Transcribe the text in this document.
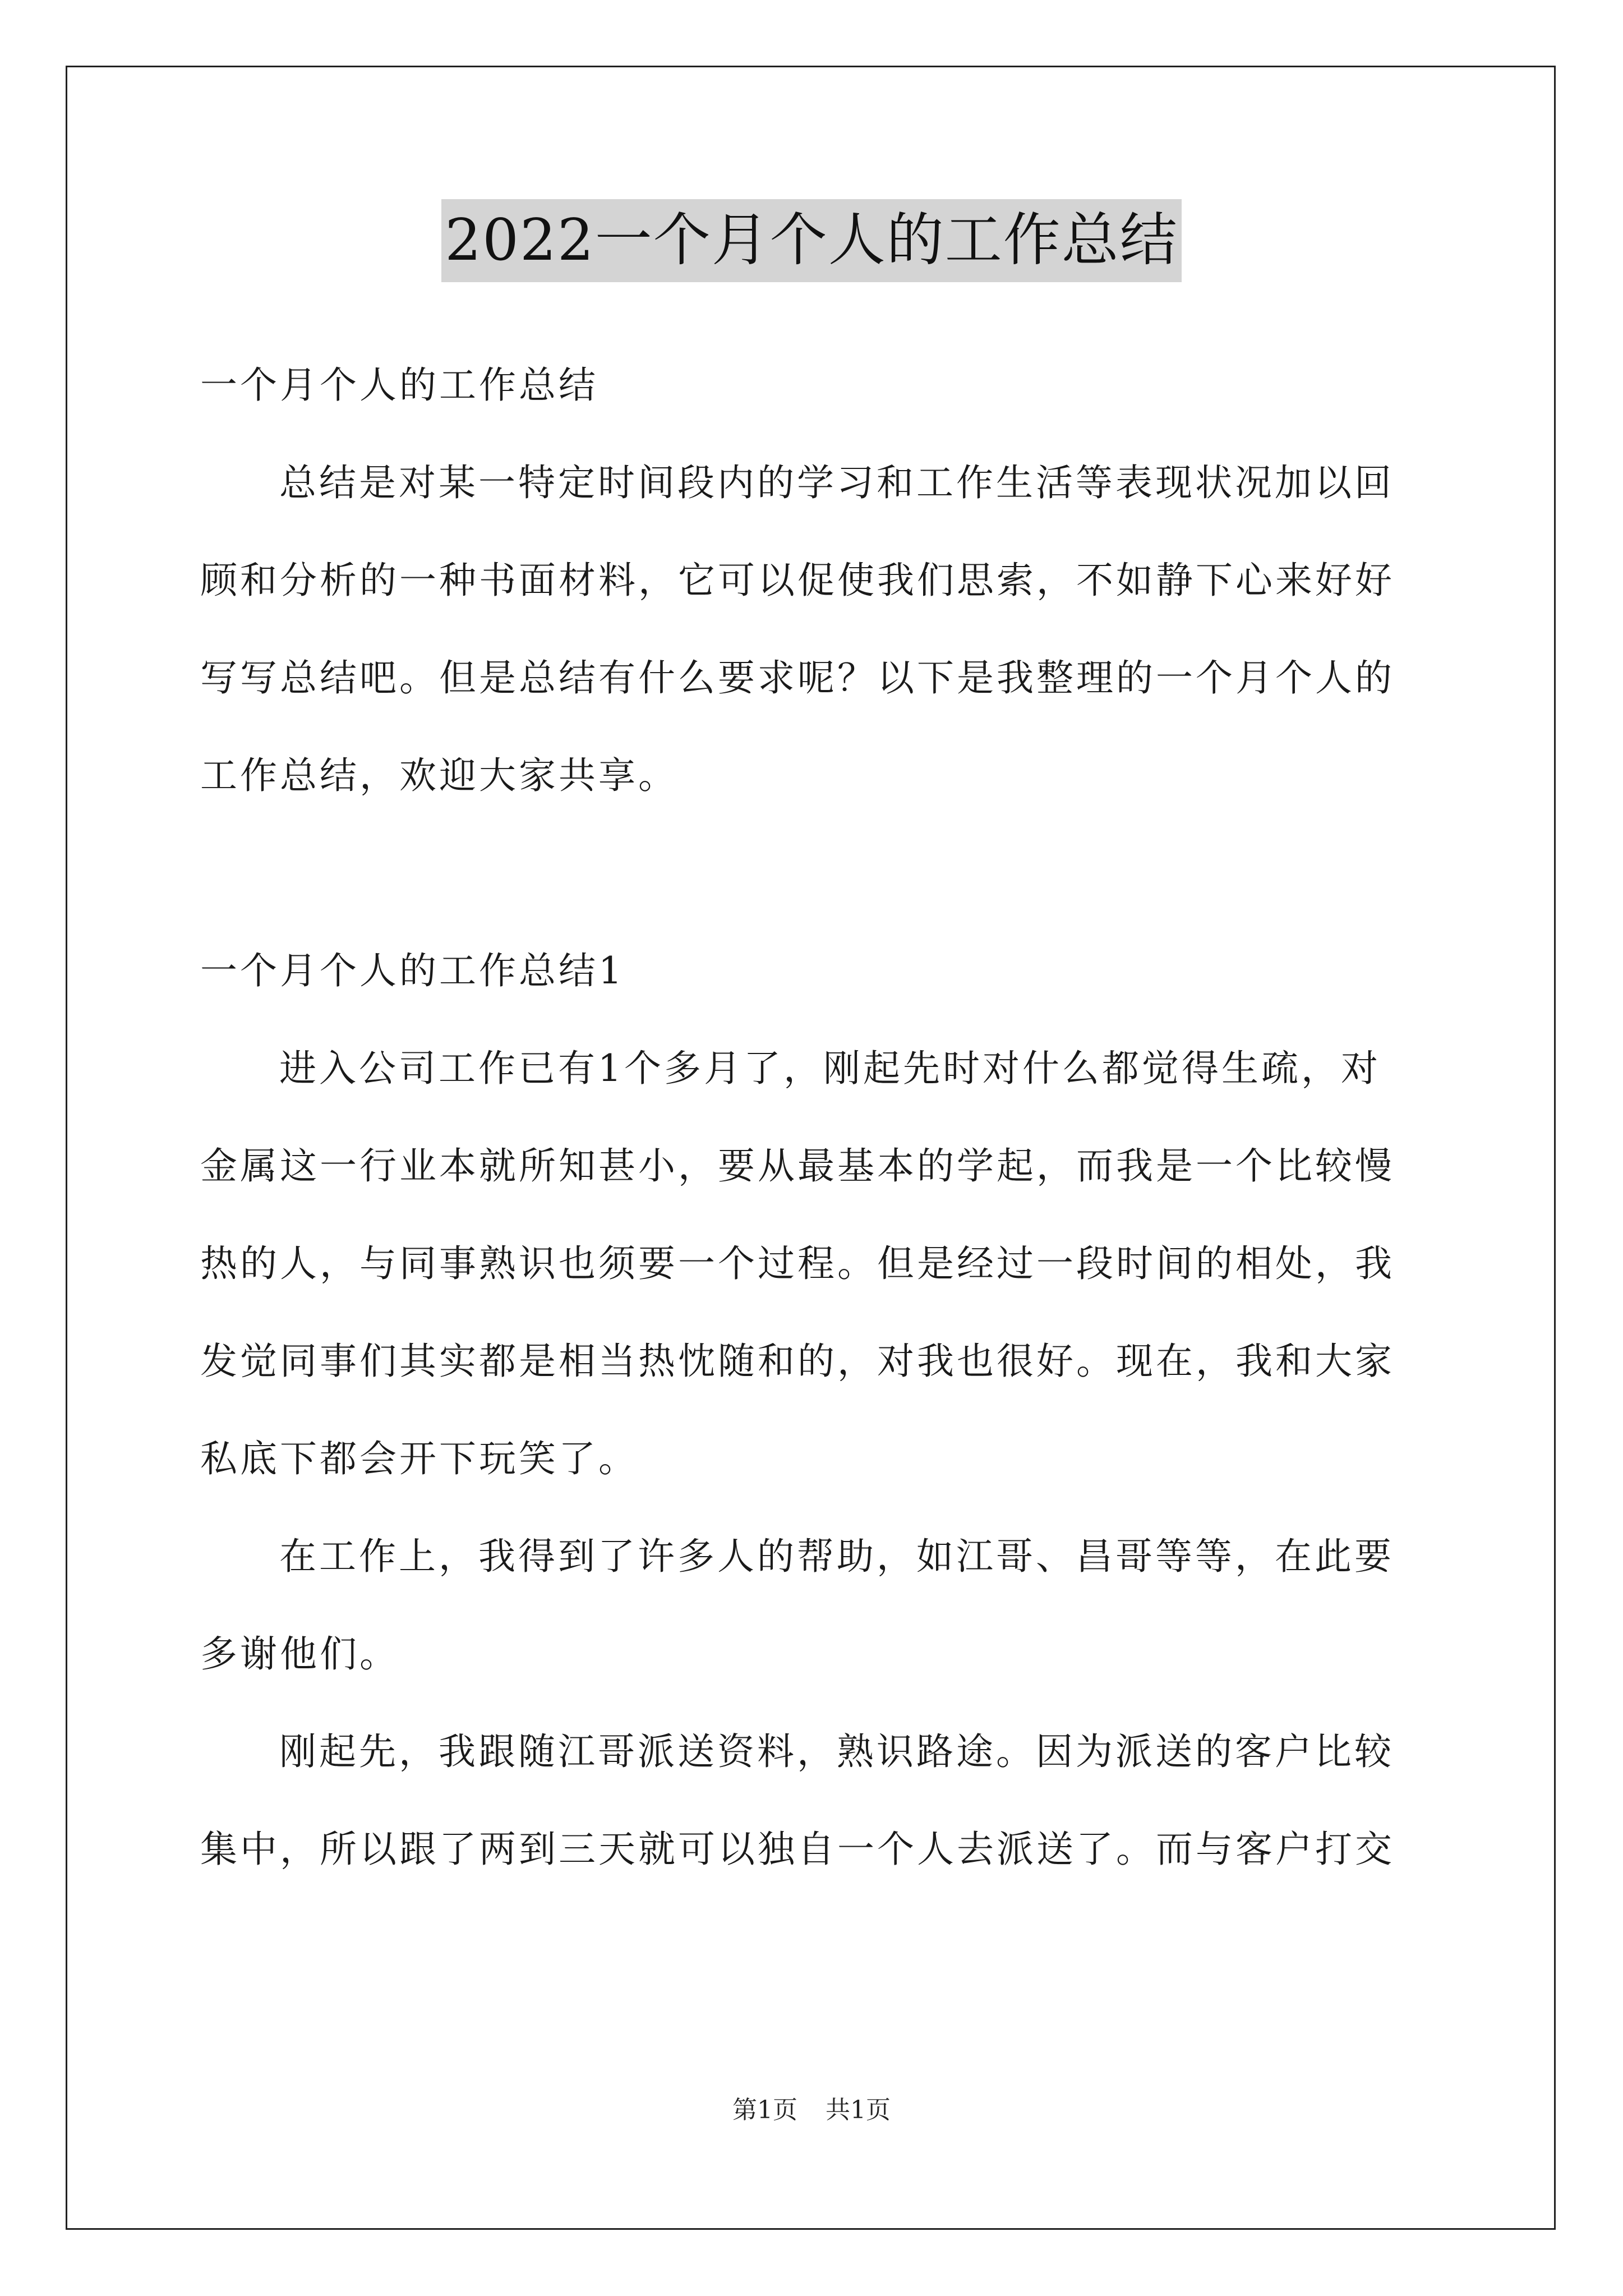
2022一个月个人的工作总结
一个月个人的工作总结
总结是对某一特定时间段内的学习和工作生活等表现状况加以回
顾和分析的一种书面材料，它可以促使我们思索，不如静下心来好好
写写总结吧。但是总结有什么要求呢？以下是我整理的一个月个人的
工作总结，欢迎大家共享。
一个月个人的工作总结1
进入公司工作已有1个多月了，刚起先时对什么都觉得生疏，对
金属这一行业本就所知甚小，要从最基本的学起，而我是一个比较慢
热的人，与同事熟识也须要一个过程。但是经过一段时间的相处，我
发觉同事们其实都是相当热忱随和的，对我也很好。现在，我和大家
私底下都会开下玩笑了。
在工作上，我得到了许多人的帮助，如江哥、昌哥等等，在此要
多谢他们。
刚起先，我跟随江哥派送资料，熟识路途。因为派送的客户比较
集中，所以跟了两到三天就可以独自一个人去派送了。而与客户打交
第1页 共1页
